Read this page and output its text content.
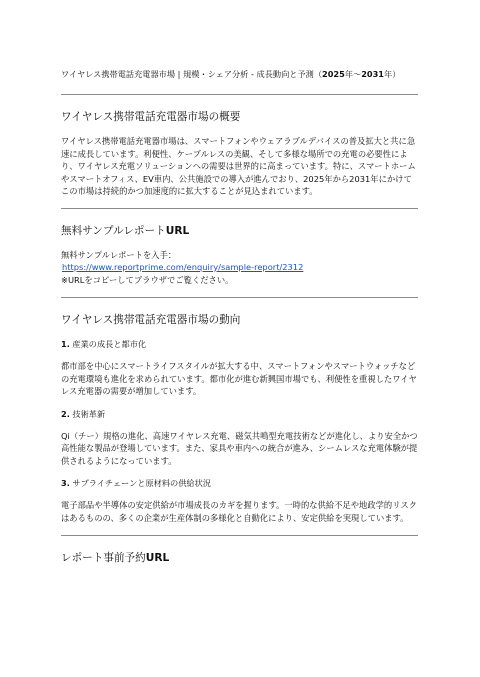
ワイヤレス携帯電話充電器市場 | 規模・シェア分析 - 成長動向と予測（2025年～2031年）
ワイヤレス携帯電話充電器市場の概要

ワイヤレス携帯電話充電器市場は、スマートフォンやウェアラブルデバイスの普及拡大と共に急速に成長しています。利便性、ケーブルレスの美観、そして多様な場所での充電の必要性により、ワイヤレス充電ソリューションへの需要は世界的に高まっています。特に、スマートホームやスマートオフィス、EV車内、公共施設での導入が進んでおり、2025年から2031年にかけてこの市場は持続的かつ加速度的に拡大することが見込まれています。

無料サンプルレポートURL

無料サンプルレポートを入手：

https://www.reportprime.com/enquiry/sample-report/2312

※URLをコピーしてブラウザでご覧ください。

ワイヤレス携帯電話充電器市場の動向
1. 産業の成長と都市化

都市部を中心にスマートライフスタイルが拡大する中、スマートフォンやスマートウォッチなどの充電環境も進化を求められています。都市化が進む新興国市場でも、利便性を重視したワイヤレス充電器の需要が増加しています。

2. 技術革新

Qi（チー）規格の進化、高速ワイヤレス充電、磁気共鳴型充電技術などが進化し、より安全かつ高性能な製品が登場しています。また、家具や車内への統合が進み、シームレスな充電体験が提供されるようになっています。

3. サプライチェーンと原材料の供給状況

電子部品や半導体の安定供給が市場成長のカギを握ります。一時的な供給不足や地政学的リスクはあるものの、多くの企業が生産体制の多様化と自動化により、安定供給を実現しています。

レポート事前予約URL
